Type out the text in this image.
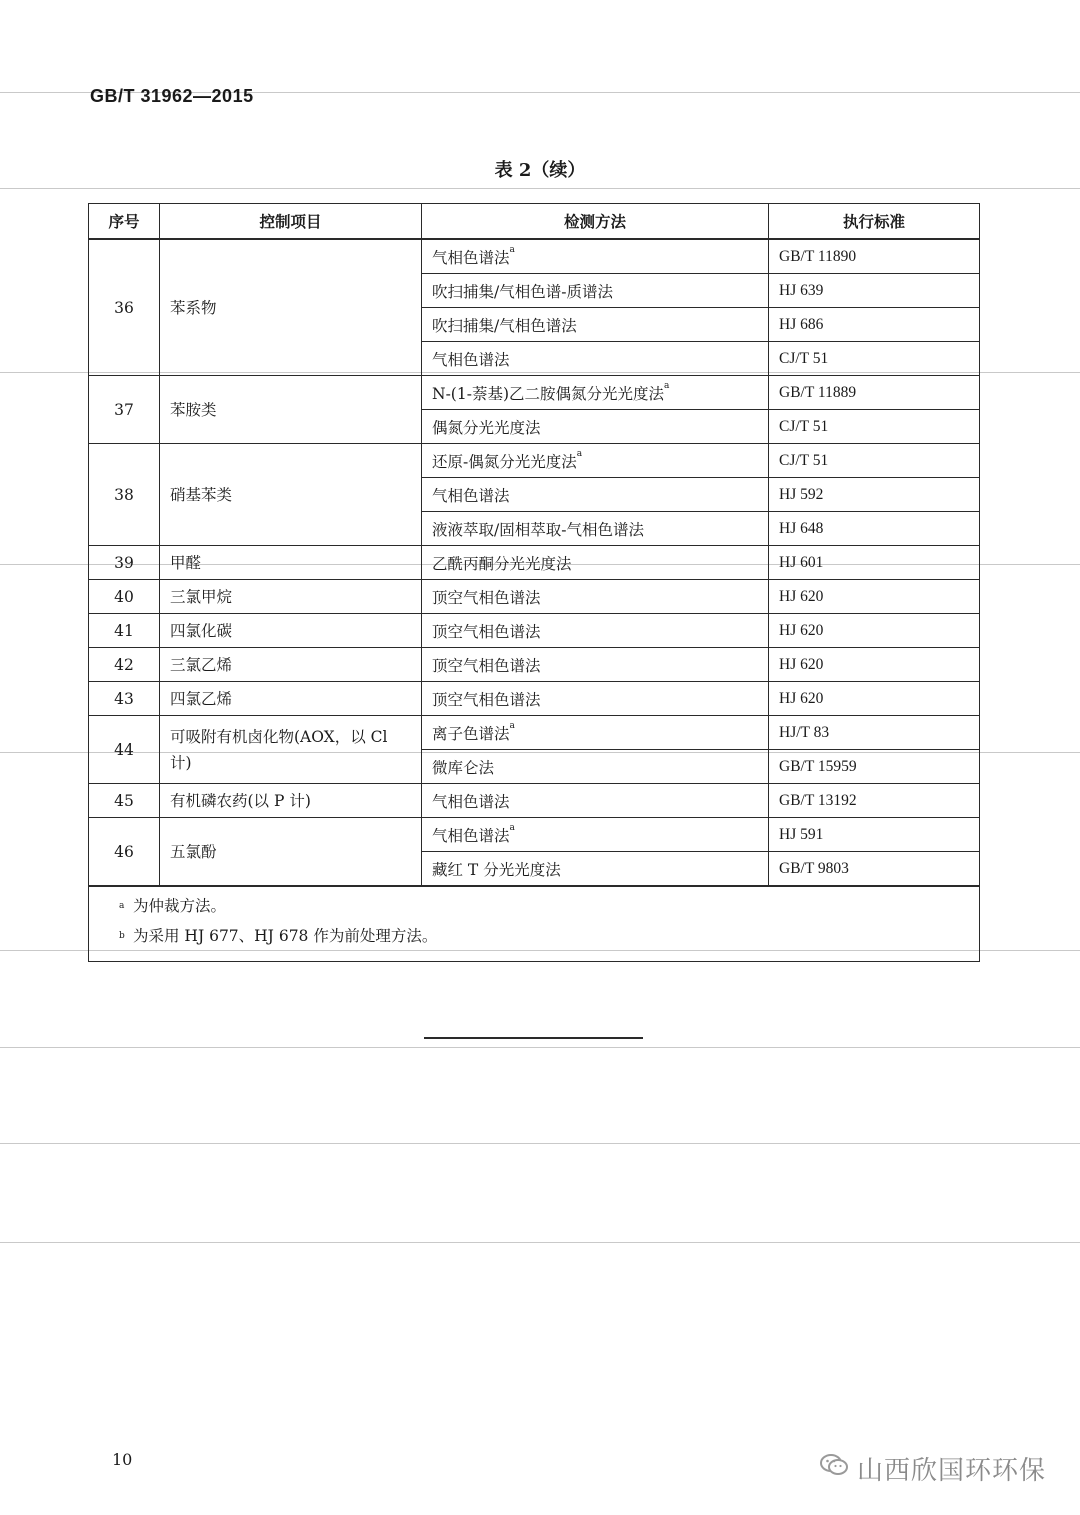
GB/T 31962—2015
表 2（续）
序号	控制项目	检测方法	执行标准
36	苯系物	气相色谱法$^a$	GB/T 11890
		吹扫捕集/气相色谱-质谱法	HJ 639
		吹扫捕集/气相色谱法	HJ 686
		气相色谱法	CJ/T 51
37	苯胺类	N-(1-萘基)乙二胺偶氮分光光度法$^a$	GB/T 11889
		偶氮分光光度法	CJ/T 51
38	硝基苯类	还原-偶氮分光光度法$^a$	CJ/T 51
		气相色谱法	HJ 592
		液液萃取/固相萃取-气相色谱法	HJ 648
39	甲醛	乙酰丙酮分光光度法	HJ 601
40	三氯甲烷	顶空气相色谱法	HJ 620
41	四氯化碳	顶空气相色谱法	HJ 620
42	三氯乙烯	顶空气相色谱法	HJ 620
43	四氯乙烯	顶空气相色谱法	HJ 620
44	可吸附有机卤化物(AOX，以 Cl 计)	离子色谱法$^a$	HJ/T 83
		微库仑法	GB/T 15959
45	有机磷农药(以 P 计)	气相色谱法	GB/T 13192
46	五氯酚	气相色谱法$^a$	HJ 591
		藏红 T 分光光度法	GB/T 9803

a 为仲裁方法。
b 为采用 HJ 677、HJ 678 作为前处理方法。			
10	山西欣国环环保
